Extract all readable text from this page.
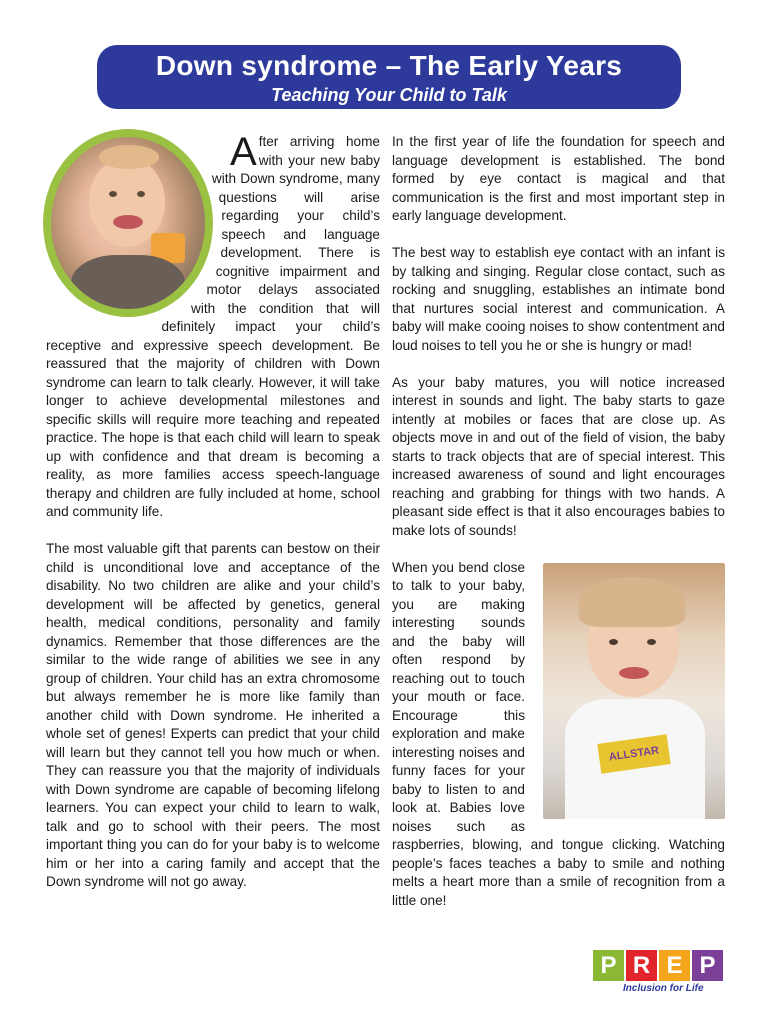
Down syndrome – The Early Years
Teaching Your Child to Talk

After arriving home with your new baby with Down syndrome, many questions will arise regarding your child’s speech and language development. There is cognitive impairment and motor delays associated with the condition that will definitely impact your child’s receptive and expressive speech development. Be reassured that the majority of children with Down syndrome can learn to talk clearly. However, it will take longer to achieve developmental milestones and specific skills will require more teaching and repeated practice. The hope is that each child will learn to speak up with confidence and that dream is becoming a reality, as more families access speech-language therapy and children are fully included at home, school and community life.

The most valuable gift that parents can bestow on their child is unconditional love and acceptance of the disability. No two children are alike and your child’s development will be affected by genetics, general health, medical conditions, personality and family dynamics. Remember that those differences are the similar to the wide range of abilities we see in any group of children. Your child has an extra chromosome but always remember he is more like family than another child with Down syndrome. He inherited a whole set of genes! Experts can predict that your child will learn but they cannot tell you how much or when. They can reassure you that the majority of individuals with Down syndrome are capable of becoming lifelong learners. You can expect your child to learn to walk, talk and go to school with their peers. The most important thing you can do for your baby is to welcome him or her into a caring family and accept that the Down syndrome will not go away.

In the first year of life the foundation for speech and language development is established. The bond formed by eye contact is magical and that communication is the first and most important step in early language development.

The best way to establish eye contact with an infant is by talking and singing. Regular close contact, such as rocking and snuggling, establishes an intimate bond that nurtures social interest and communication. A baby will make cooing noises to show contentment and loud noises to tell you he or she is hungry or mad!

As your baby matures, you will notice increased interest in sounds and light. The baby starts to gaze intently at mobiles or faces that are close up. As objects move in and out of the field of vision, the baby starts to track objects that are of special interest. This increased awareness of sound and light encourages reaching and grabbing for things with two hands. A pleasant side effect is that it also encourages babies to make lots of sounds!

ALLSTAR
When you bend close to talk to your baby, you are making interesting sounds and the baby will often respond by reaching out to touch your mouth or face. Encourage this exploration and make interesting noises and funny faces for your baby to listen to and look at. Babies love noises such as raspberries, blowing, and tongue clicking. Watching people’s faces teaches a baby to smile and nothing melts a heart more than a smile of recognition from a little one!

P R E P
Inclusion for Life
